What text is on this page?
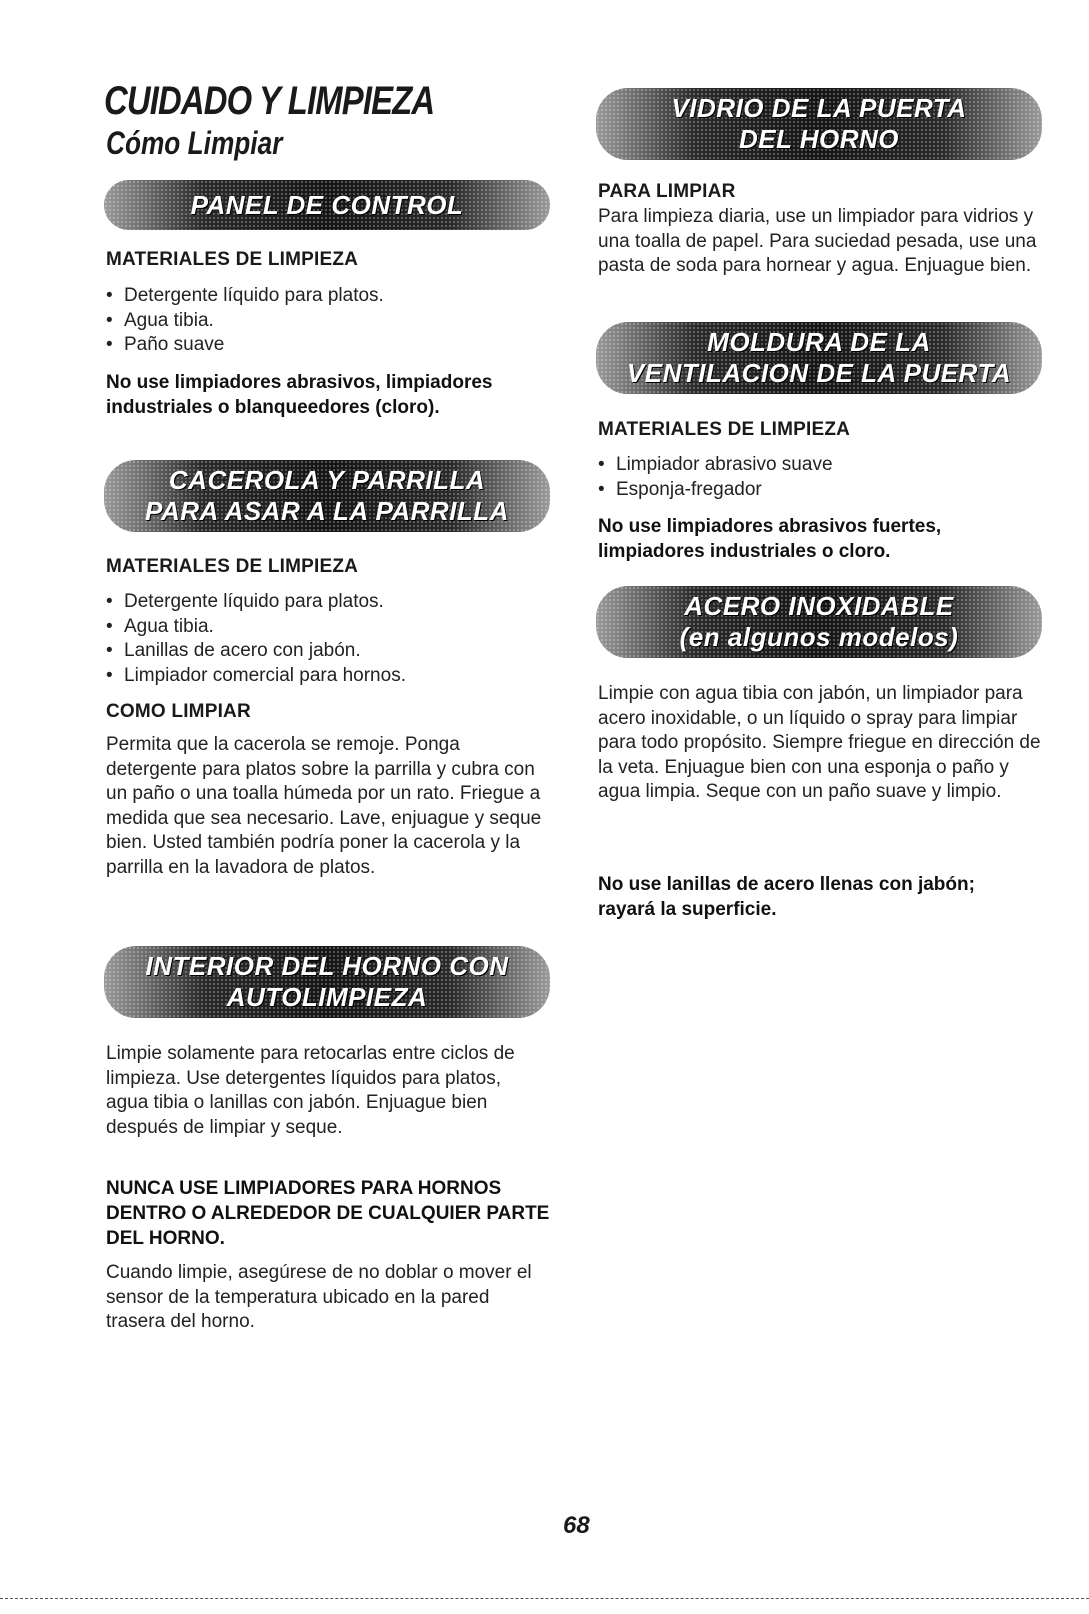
CUIDADO Y LIMPIEZA
Cómo Limpiar
PANEL DE CONTROL
MATERIALES DE LIMPIEZA
• Detergente líquido para platos.
• Agua tibia.
• Paño suave
No use limpiadores abrasivos, limpiadores industriales o blanqueedores (cloro).
CACEROLA Y PARRILLA
PARA ASAR A LA PARRILLA
MATERIALES DE LIMPIEZA
• Detergente líquido para platos.
• Agua tibia.
• Lanillas de acero con jabón.
• Limpiador comercial para hornos.
COMO LIMPIAR
Permita que la cacerola se remoje. Ponga detergente para platos sobre la parrilla y cubra con un paño o una toalla húmeda por un rato. Friegue a medida que sea necesario. Lave, enjuague y seque bien. Usted también podría poner la cacerola y la parrilla en la lavadora de platos.
INTERIOR DEL HORNO CON
AUTOLIMPIEZA
Limpie solamente para retocarlas entre ciclos de limpieza. Use detergentes líquidos para platos, agua tibia o lanillas con jabón. Enjuague bien después de limpiar y seque.
NUNCA USE LIMPIADORES PARA HORNOS DENTRO O ALREDEDOR DE CUALQUIER PARTE DEL HORNO.
Cuando limpie, asegúrese de no doblar o mover el sensor de la temperatura ubicado en la pared trasera del horno.
VIDRIO DE LA PUERTA
DEL HORNO
PARA LIMPIAR
Para limpieza diaria, use un limpiador para vidrios y una toalla de papel. Para suciedad pesada, use una pasta de soda para hornear y agua. Enjuague bien.
MOLDURA DE LA
VENTILACION DE LA PUERTA
MATERIALES DE LIMPIEZA
• Limpiador abrasivo suave
• Esponja-fregador
No use limpiadores abrasivos fuertes, limpiadores industriales o cloro.
ACERO INOXIDABLE
(en algunos modelos)
Limpie con agua tibia con jabón, un limpiador para acero inoxidable, o un líquido o spray para limpiar para todo propósito. Siempre friegue en dirección de la veta. Enjuague bien con una esponja o paño y agua limpia. Seque con un paño suave y limpio.
No use lanillas de acero llenas con jabón; rayará la superficie.
68
